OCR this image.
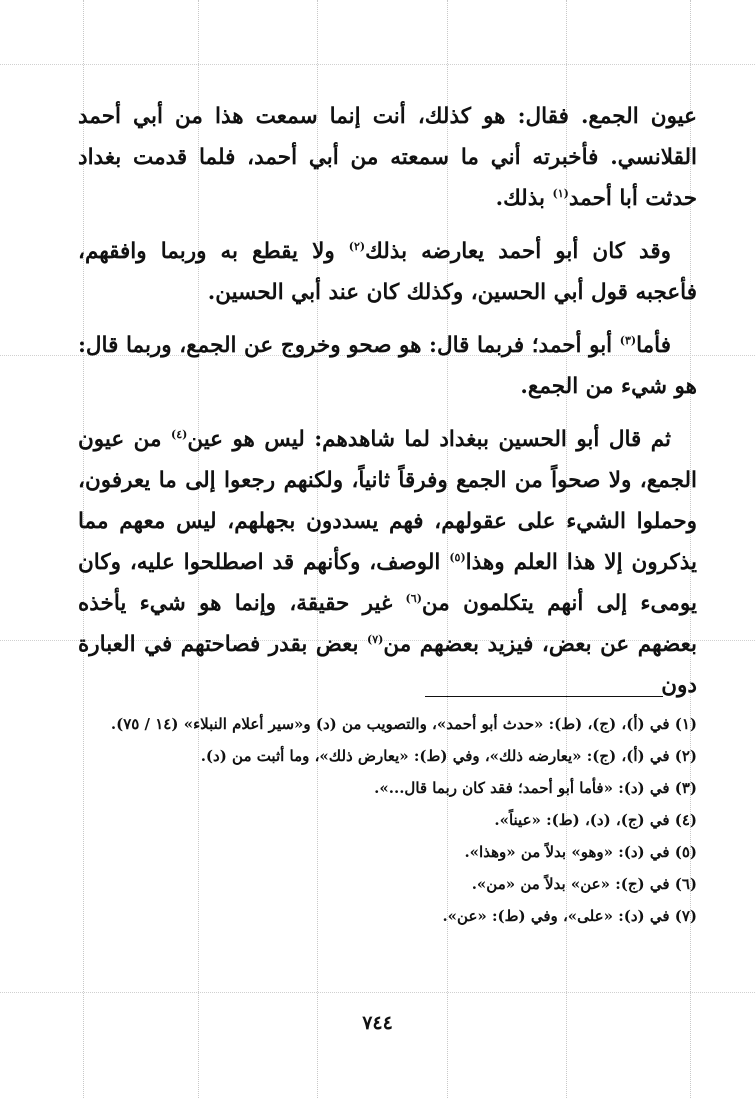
عيون الجمع. فقال: هو كذلك، أنت إنما سمعت هذا من أبي أحمد القلانسي. فأخبرته أني ما سمعته من أبي أحمد، فلما قدمت بغداد حدثت أبا أحمد$^{(١)}$ بذلك.

وقد كان أبو أحمد يعارضه بذلك$^{(٢)}$ ولا يقطع به وربما وافقهم، فأعجبه قول أبي الحسين، وكذلك كان عند أبي الحسين.

فأما$^{(٣)}$ أبو أحمد؛ فربما قال: هو صحو وخروج عن الجمع، وربما قال: هو شيء من الجمع.

ثم قال أبو الحسين ببغداد لما شاهدهم: ليس هو عين$^{(٤)}$ من عيون الجمع، ولا صحواً من الجمع وفرقاً ثانياً، ولكنهم رجعوا إلى ما يعرفون، وحملوا الشيء على عقولهم، فهم يسددون بجهلهم، ليس معهم مما يذكرون إلا هذا العلم وهذا$^{(٥)}$ الوصف، وكأنهم قد اصطلحوا عليه، وكان يومىء إلى أنهم يتكلمون من$^{(٦)}$ غير حقيقة، وإنما هو شيء يأخذه بعضهم عن بعض، فيزيد بعضهم من$^{(٧)}$ بعض بقدر فصاحتهم في العبارة دون

(١) في (أ)، (ج)، (ط): «حدث أبو أحمد»، والتصويب من (د) و«سير أعلام النبلاء» (١٤ / ٧٥).

(٢) في (أ)، (ج): «يعارضه ذلك»، وفي (ط): «يعارض ذلك»، وما أثبت من (د).

(٣) في (د): «فأما أبو أحمد؛ فقد كان ربما قال...».

(٤) في (ج)، (د)، (ط): «عيناً».

(٥) في (د): «وهو» بدلاً من «وهذا».

(٦) في (ج): «عن» بدلاً من «من».

(٧) في (د): «على»، وفي (ط): «عن».

٧٤٤
